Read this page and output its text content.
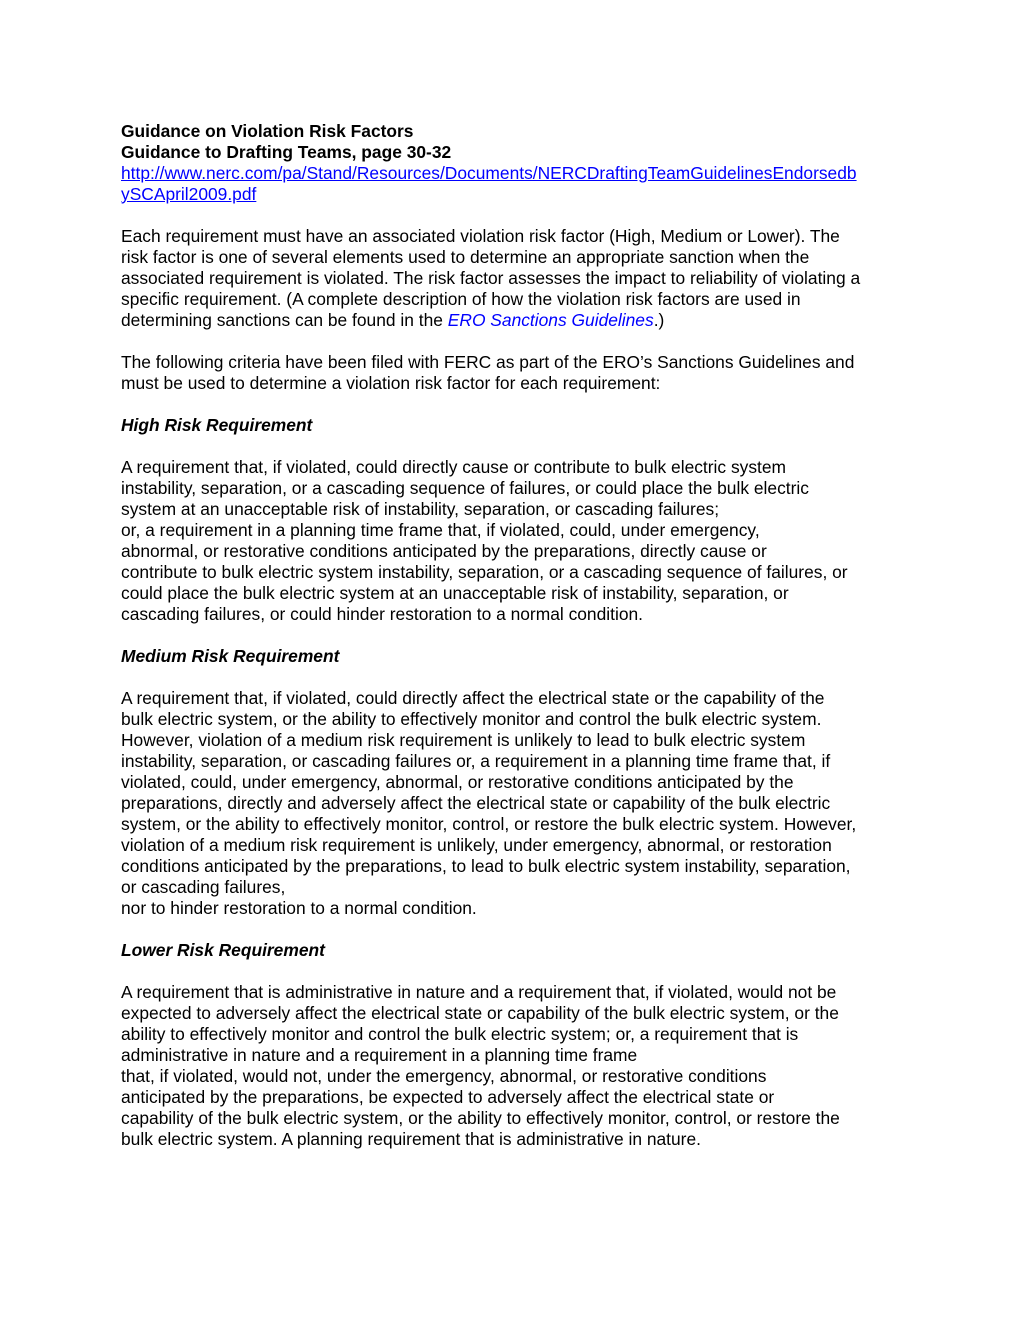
Guidance on Violation Risk Factors
Guidance to Drafting Teams, page 30-32
http://www.nerc.com/pa/Stand/Resources/Documents/NERCDraftingTeamGuidelinesEndorsedb
ySCApril2009.pdf
Each requirement must have an associated violation risk factor (High, Medium or Lower). The
risk factor is one of several elements used to determine an appropriate sanction when the
associated requirement is violated. The risk factor assesses the impact to reliability of violating a
specific requirement. (A complete description of how the violation risk factors are used in
determining sanctions can be found in the ERO Sanctions Guidelines.)
The following criteria have been filed with FERC as part of the ERO’s Sanctions Guidelines and
must be used to determine a violation risk factor for each requirement:
High Risk Requirement
A requirement that, if violated, could directly cause or contribute to bulk electric system
instability, separation, or a cascading sequence of failures, or could place the bulk electric
system at an unacceptable risk of instability, separation, or cascading failures;
or, a requirement in a planning time frame that, if violated, could, under emergency,
abnormal, or restorative conditions anticipated by the preparations, directly cause or
contribute to bulk electric system instability, separation, or a cascading sequence of failures, or
could place the bulk electric system at an unacceptable risk of instability, separation, or
cascading failures, or could hinder restoration to a normal condition.
Medium Risk Requirement
A requirement that, if violated, could directly affect the electrical state or the capability of the
bulk electric system, or the ability to effectively monitor and control the bulk electric system.
However, violation of a medium risk requirement is unlikely to lead to bulk electric system
instability, separation, or cascading failures or, a requirement in a planning time frame that, if
violated, could, under emergency, abnormal, or restorative conditions anticipated by the
preparations, directly and adversely affect the electrical state or capability of the bulk electric
system, or the ability to effectively monitor, control, or restore the bulk electric system. However,
violation of a medium risk requirement is unlikely, under emergency, abnormal, or restoration
conditions anticipated by the preparations, to lead to bulk electric system instability, separation,
or cascading failures,
nor to hinder restoration to a normal condition.
Lower Risk Requirement
A requirement that is administrative in nature and a requirement that, if violated, would not be
expected to adversely affect the electrical state or capability of the bulk electric system, or the
ability to effectively monitor and control the bulk electric system; or, a requirement that is
administrative in nature and a requirement in a planning time frame
that, if violated, would not, under the emergency, abnormal, or restorative conditions
anticipated by the preparations, be expected to adversely affect the electrical state or
capability of the bulk electric system, or the ability to effectively monitor, control, or restore the
bulk electric system. A planning requirement that is administrative in nature.
